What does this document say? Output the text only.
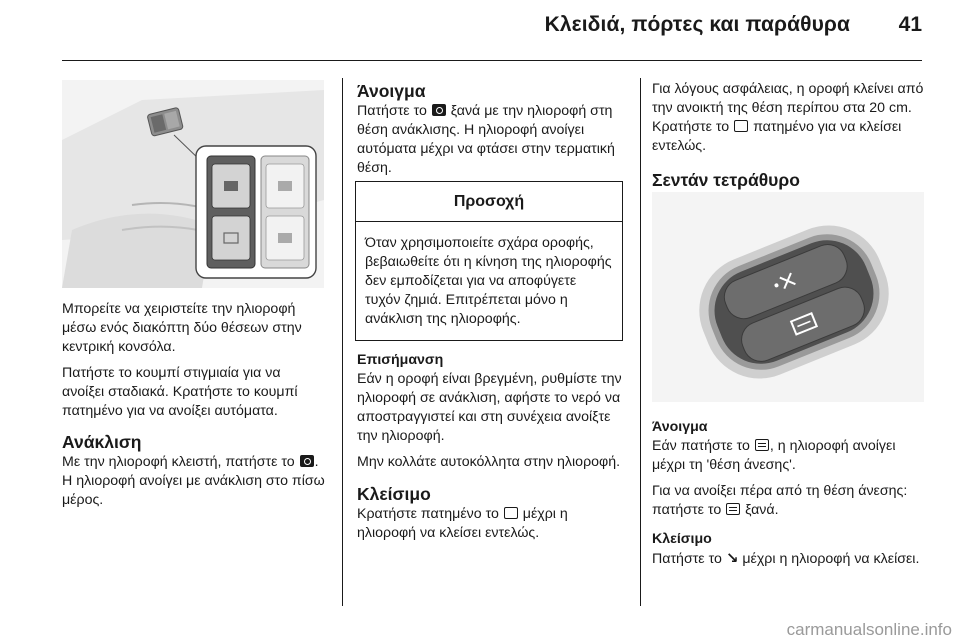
Κλειδιά, πόρτες και παράθυρα 41

Μπορείτε να χειριστείτε την ηλιοροφή μέσω ενός διακόπτη δύο θέσεων στην κεντρική κονσόλα.

Πατήστε το κουμπί στιγμιαία για να ανοίξει σταδιακά. Κρατήστε το κουμπί πατημένο για να ανοίξει αυτόματα.

Ανάκλιση

Με την ηλιοροφή κλειστή, πατήστε το . Η ηλιοροφή ανοίγει με ανάκλιση στο πίσω μέρος.

Άνοιγμα

Πατήστε το ξανά με την ηλιοροφή στη θέση ανάκλισης. Η ηλιοροφή ανοίγει αυτόματα μέχρι να φτάσει στην τερματική θέση.

Προσοχή
Όταν χρησιμοποιείτε σχάρα οροφής, βεβαιωθείτε ότι η κίνηση της ηλιοροφής δεν εμποδίζεται για να αποφύγετε τυχόν ζημιά. Επιτρέπεται μόνο η ανάκλιση της ηλιοροφής.
Επισήμανση

Εάν η οροφή είναι βρεγμένη, ρυθμίστε την ηλιοροφή σε ανάκλιση, αφήστε το νερό να αποστραγγιστεί και στη συνέχεια ανοίξτε την ηλιοροφή.

Μην κολλάτε αυτοκόλλητα στην ηλιοροφή.

Κλείσιμο

Κρατήστε πατημένο το μέχρι η ηλιοροφή να κλείσει εντελώς.

Για λόγους ασφάλειας, η οροφή κλείνει από την ανοικτή της θέση περίπου στα 20 cm. Κρατήστε το πατημένο για να κλείσει εντελώς.

Σεντάν τετράθυρο
Άνοιγμα

Εάν πατήστε το , η ηλιοροφή ανοίγει μέχρι τη 'θέση άνεσης'.

Για να ανοίξει πέρα από τη θέση άνεσης: πατήστε το ξανά.

Κλείσιμο

Πατήστε το ↘ μέχρι η ηλιοροφή να κλείσει.

carmanualsonline.info
